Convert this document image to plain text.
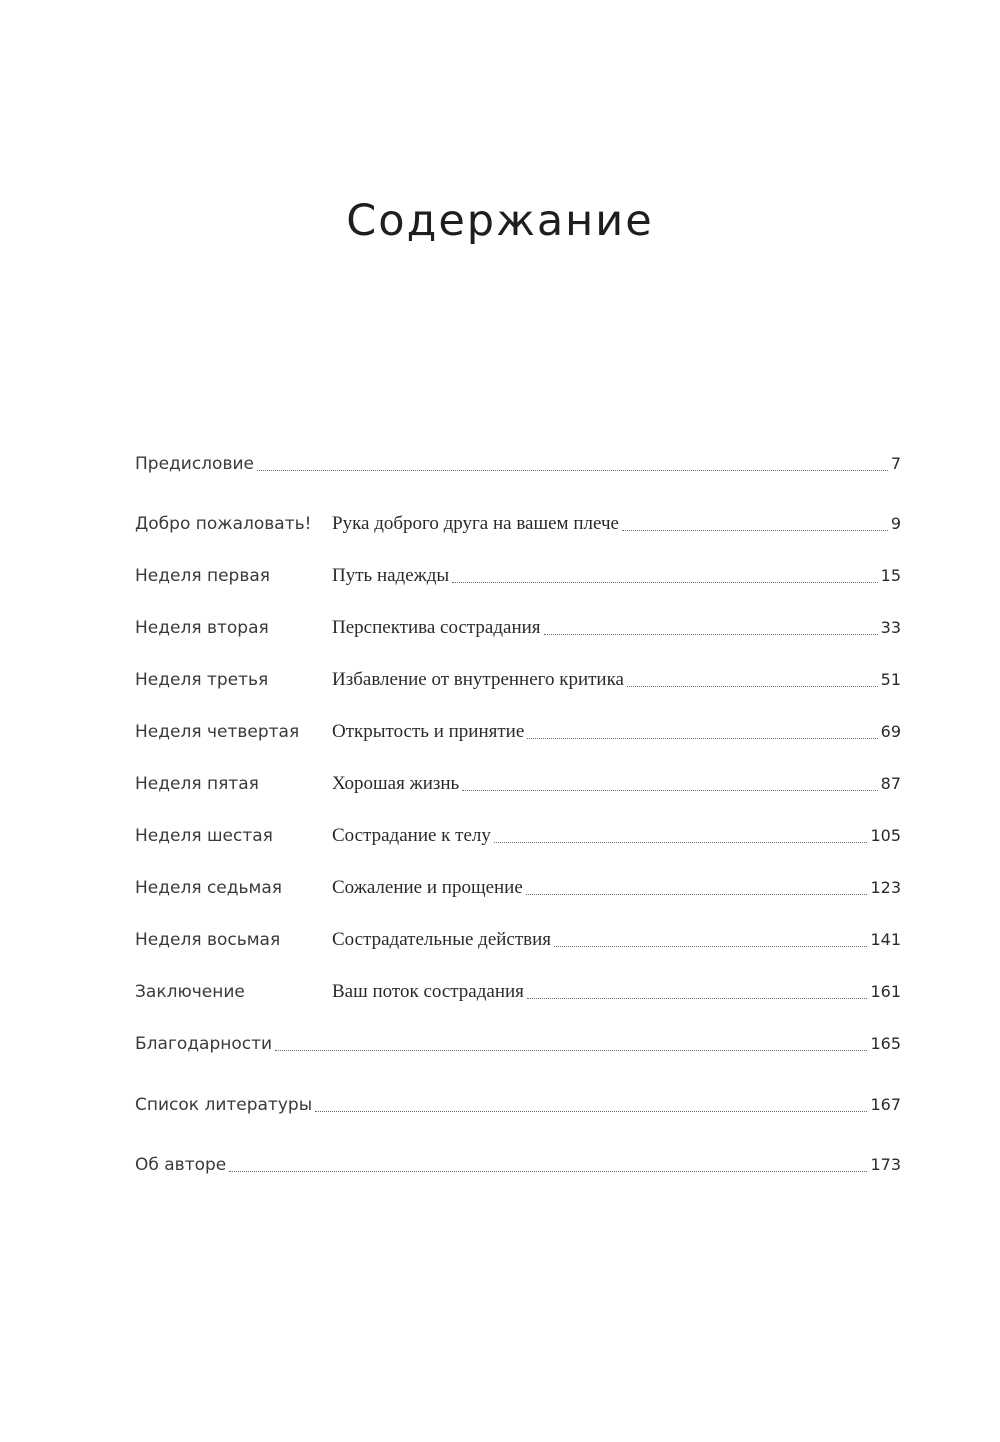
Содержание
Предисловие	7
Добро пожаловать!	Рука доброго друга на вашем плече	9
Неделя первая	Путь надежды	15
Неделя вторая	Перспектива сострадания	33
Неделя третья	Избавление от внутреннего критика	51
Неделя четвертая	Открытость и принятие	69
Неделя пятая	Хорошая жизнь	87
Неделя шестая	Сострадание к телу	105
Неделя седьмая	Сожаление и прощение	123
Неделя восьмая	Сострадательные действия	141
Заключение	Ваш поток сострадания	161
Благодарности	165
Список литературы	167
Об авторе	173
